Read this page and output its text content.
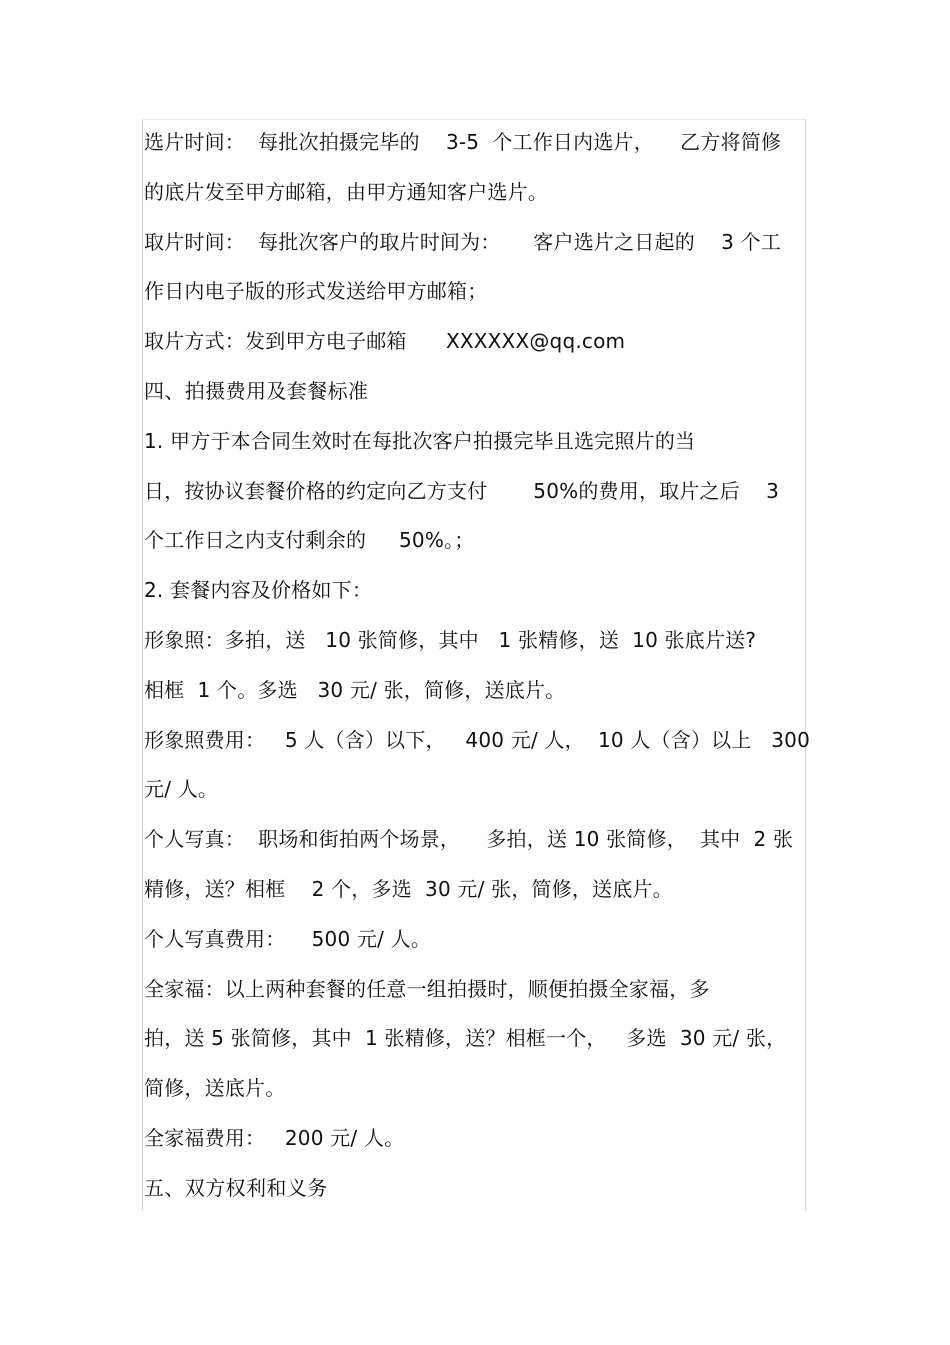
选片时间：  每批次拍摄完毕的    3-5  个工作日内选片，    乙方将简修
的底片发至甲方邮箱，由甲方通知客户选片。
取片时间：  每批次客户的取片时间为：     客户选片之日起的    3 个工
作日内电子版的形式发送给甲方邮箱；
取片方式：发到甲方电子邮箱      XXXXXX@qq.com
四、拍摄费用及套餐标准
1. 甲方于本合同生效时在每批次客户拍摄完毕且选完照片的当
日，按协议套餐价格的约定向乙方支付       50%的费用，取片之后    3
个工作日之内支付剩余的     50%。；
2. 套餐内容及价格如下：
形象照：多拍，送   10 张简修，其中   1 张精修，送  10 张底片送?
相框  1 个。多选   30 元/ 张，简修，送底片。
形象照费用：   5 人（含）以下，   400 元/ 人，  10 人（含）以上   300
元/ 人。
个人写真：  职场和街拍两个场景，    多拍，送 10 张简修，  其中  2 张
精修，送？相框    2 个，多选  30 元/ 张，简修，送底片。
个人写真费用：    500 元/ 人。
全家福：以上两种套餐的任意一组拍摄时，顺便拍摄全家福，多
拍，送 5 张简修，其中  1 张精修，送？相框一个，   多选  30 元/ 张，
简修，送底片。
全家福费用：   200 元/ 人。
五、双方权利和义务
